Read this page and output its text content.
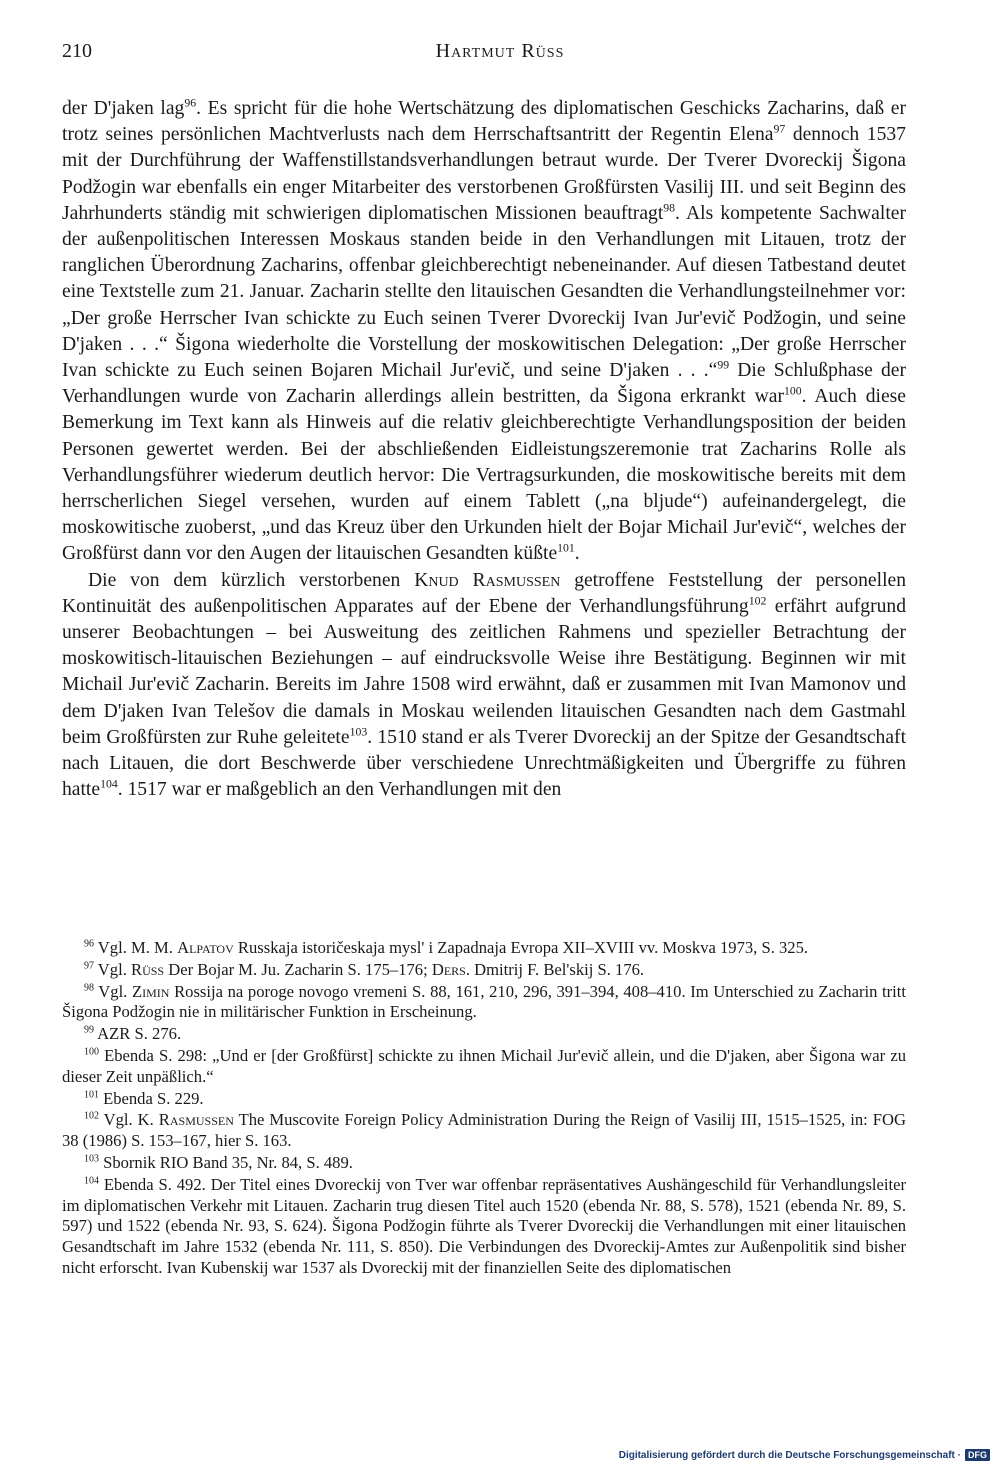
210	Hartmut Rüss

der D'jaken lag$^{96}$. Es spricht für die hohe Wertschätzung des diplomatischen Geschicks Zacharins, daß er trotz seines persönlichen Machtverlusts nach dem Herrschaftsantritt der Regentin Elena$^{97}$ dennoch 1537 mit der Durchführung der Waffenstillstandsverhandlungen betraut wurde. Der Tverer Dvoreckij Šigona Podžogin war ebenfalls ein enger Mitarbeiter des verstorbenen Großfürsten Vasilij III. und seit Beginn des Jahrhunderts ständig mit schwierigen diplomatischen Missionen beauftragt$^{98}$. Als kompetente Sachwalter der außenpolitischen Interessen Moskaus standen beide in den Verhandlungen mit Litauen, trotz der ranglichen Überordnung Zacharins, offenbar gleichberechtigt nebeneinander. Auf diesen Tatbestand deutet eine Textstelle zum 21. Januar. Zacharin stellte den litauischen Gesandten die Verhandlungsteilnehmer vor: „Der große Herrscher Ivan schickte zu Euch seinen Tverer Dvoreckij Ivan Jur'evič Podžogin, und seine D'jaken . . .“ Šigona wiederholte die Vorstellung der moskowitischen Delegation: „Der große Herrscher Ivan schickte zu Euch seinen Bojaren Michail Jur'evič, und seine D'jaken . . .“$^{99}$ Die Schlußphase der Verhandlungen wurde von Zacharin allerdings allein bestritten, da Šigona erkrankt war$^{100}$. Auch diese Bemerkung im Text kann als Hinweis auf die relativ gleichberechtigte Verhandlungsposition der beiden Personen gewertet werden. Bei der abschließenden Eidleistungszeremonie trat Zacharins Rolle als Verhandlungsführer wiederum deutlich hervor: Die Vertragsurkunden, die moskowitische bereits mit dem herrscherlichen Siegel versehen, wurden auf einem Tablett („na bljude“) aufeinandergelegt, die moskowitische zuoberst, „und das Kreuz über den Urkunden hielt der Bojar Michail Jur'evič“, welches der Großfürst dann vor den Augen der litauischen Gesandten küßte$^{101}$.

Die von dem kürzlich verstorbenen Knud Rasmussen getroffene Feststellung der personellen Kontinuität des außenpolitischen Apparates auf der Ebene der Verhandlungsführung$^{102}$ erfährt aufgrund unserer Beobachtungen – bei Ausweitung des zeitlichen Rahmens und spezieller Betrachtung der moskowitisch-litauischen Beziehungen – auf eindrucksvolle Weise ihre Bestätigung. Beginnen wir mit Michail Jur'evič Zacharin. Bereits im Jahre 1508 wird erwähnt, daß er zusammen mit Ivan Mamonov und dem D'jaken Ivan Telešov die damals in Moskau weilenden litauischen Gesandten nach dem Gastmahl beim Großfürsten zur Ruhe geleitete$^{103}$. 1510 stand er als Tverer Dvoreckij an der Spitze der Gesandtschaft nach Litauen, die dort Beschwerde über verschiedene Unrechtmäßigkeiten und Übergriffe zu führen hatte$^{104}$. 1517 war er maßgeblich an den Verhandlungen mit den

$^{96}$ Vgl. M. M. Alpatov Russkaja istoričeskaja mysl' i Zapadnaja Evropa XII–XVIII vv. Moskva 1973, S. 325.

$^{97}$ Vgl. Rüss Der Bojar M. Ju. Zacharin S. 175–176; Ders. Dmitrij F. Bel'skij S. 176.

$^{98}$ Vgl. Zimin Rossija na poroge novogo vremeni S. 88, 161, 210, 296, 391–394, 408–410. Im Unterschied zu Zacharin tritt Šigona Podžogin nie in militärischer Funktion in Erscheinung.

$^{99}$ AZR S. 276.

$^{100}$ Ebenda S. 298: „Und er [der Großfürst] schickte zu ihnen Michail Jur'evič allein, und die D'jaken, aber Šigona war zu dieser Zeit unpäßlich.“

$^{101}$ Ebenda S. 229.

$^{102}$ Vgl. K. Rasmussen The Muscovite Foreign Policy Administration During the Reign of Vasilij III, 1515–1525, in: FOG 38 (1986) S. 153–167, hier S. 163.

$^{103}$ Sbornik RIO Band 35, Nr. 84, S. 489.

$^{104}$ Ebenda S. 492. Der Titel eines Dvoreckij von Tver war offenbar repräsentatives Aushängeschild für Verhandlungsleiter im diplomatischen Verkehr mit Litauen. Zacharin trug diesen Titel auch 1520 (ebenda Nr. 88, S. 578), 1521 (ebenda Nr. 89, S. 597) und 1522 (ebenda Nr. 93, S. 624). Šigona Podžogin führte als Tverer Dvoreckij die Verhandlungen mit einer litauischen Gesandtschaft im Jahre 1532 (ebenda Nr. 111, S. 850). Die Verbindungen des Dvoreckij-Amtes zur Außenpolitik sind bisher nicht erforscht. Ivan Kubenskij war 1537 als Dvoreckij mit der finanziellen Seite des diplomatischen

Digitalisierung gefördert durch die Deutsche Forschungsgemeinschaft · DFG
